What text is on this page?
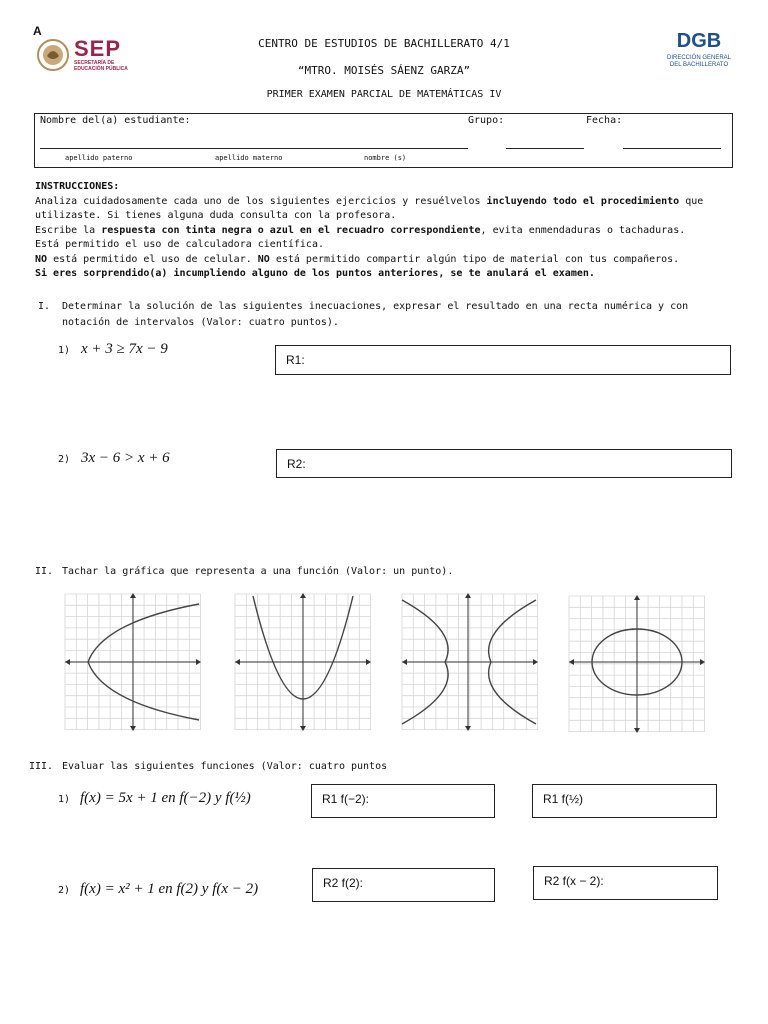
A
SEP
SECRETARÍA DE
EDUCACIÓN PÚBLICA
DGB
DIRECCIÓN GENERAL
DEL BACHILLERATO
CENTRO DE ESTUDIOS DE BACHILLERATO 4/1
“MTRO. MOISÉS SÁENZ GARZA”
PRIMER EXAMEN PARCIAL DE MATEMÁTICAS IV
Nombre del(a) estudiante:	Grupo:	Fecha:
apellido paterno	apellido materno	nombre (s)
INSTRUCCIONES:
Analiza cuidadosamente cada uno de los siguientes ejercicios y resuélvelos incluyendo todo el procedimiento que
utilizaste. Si tienes alguna duda consulta con la profesora.
Escribe la respuesta con tinta negra o azul en el recuadro correspondiente, evita enmendaduras o tachaduras.
Está permitido el uso de calculadora científica.
NO está permitido el uso de celular. NO está permitido compartir algún tipo de material con tus compañeros.
Si eres sorprendido(a) incumpliendo alguno de los puntos anteriores, se te anulará el examen.
I. Determinar la solución de las siguientes inecuaciones, expresar el resultado en una recta numérica y con
notación de intervalos (Valor: cuatro puntos).
1) x + 3 ≥ 7x − 9
R1:
2) 3x − 6 > x + 6	R2:
II. Tachar la gráfica que representa a una función (Valor: un punto).
III. Evaluar las siguientes funciones (Valor: cuatro puntos
1) f(x) = 5x + 1 en f(−2) y f(½)	R1 f(−2):	R1 f(½)
2) f(x) = x² + 1 en f(2) y f(x − 2)	R2 f(2):	R2 f(x − 2):
